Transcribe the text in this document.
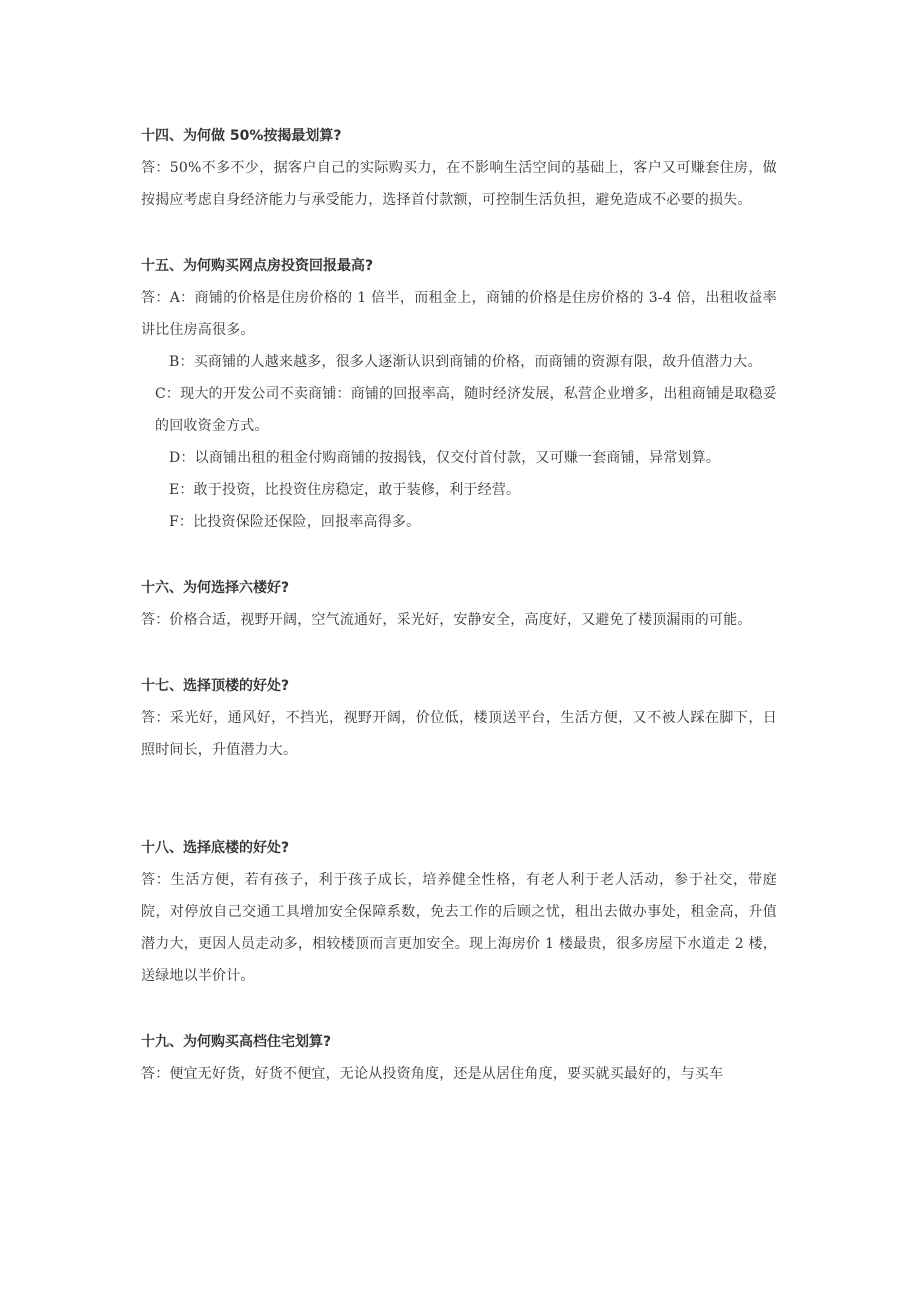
十四、为何做 50%按揭最划算?

答：50%不多不少，据客户自己的实际购买力，在不影响生活空间的基础上，客户又可赚套住房，做按揭应考虑自身经济能力与承受能力，选择首付款额，可控制生活负担，避免造成不必要的损失。

十五、为何购买网点房投资回报最高?

答：A：商铺的价格是住房价格的 1 倍半，而租金上，商铺的价格是住房价格的 3-4 倍，出租收益率讲比住房高很多。

B：买商铺的人越来越多，很多人逐渐认识到商铺的价格，而商铺的资源有限，故升值潜力大。

C：现大的开发公司不卖商铺：商铺的回报率高，随时经济发展，私营企业增多，出租商铺是取稳妥的回收资金方式。

D：以商铺出租的租金付购商铺的按揭钱，仅交付首付款，又可赚一套商铺，异常划算。

E：敢于投资，比投资住房稳定，敢于装修，利于经营。

F：比投资保险还保险，回报率高得多。

十六、为何选择六楼好?

答：价格合适，视野开阔，空气流通好，采光好，安静安全，高度好，又避免了楼顶漏雨的可能。

十七、选择顶楼的好处?

答：采光好，通风好，不挡光，视野开阔，价位低，楼顶送平台，生活方便，又不被人踩在脚下，日照时间长，升值潜力大。

十八、选择底楼的好处?

答：生活方便，若有孩子，利于孩子成长，培养健全性格，有老人利于老人活动，参于社交，带庭院，对停放自己交通工具增加安全保障系数，免去工作的后顾之忧，租出去做办事处，租金高，升值潜力大，更因人员走动多，相较楼顶而言更加安全。现上海房价 1 楼最贵，很多房屋下水道走 2 楼，送绿地以半价计。

十九、为何购买高档住宅划算?

答：便宜无好货，好货不便宜，无论从投资角度，还是从居住角度，要买就买最好的，与买车
